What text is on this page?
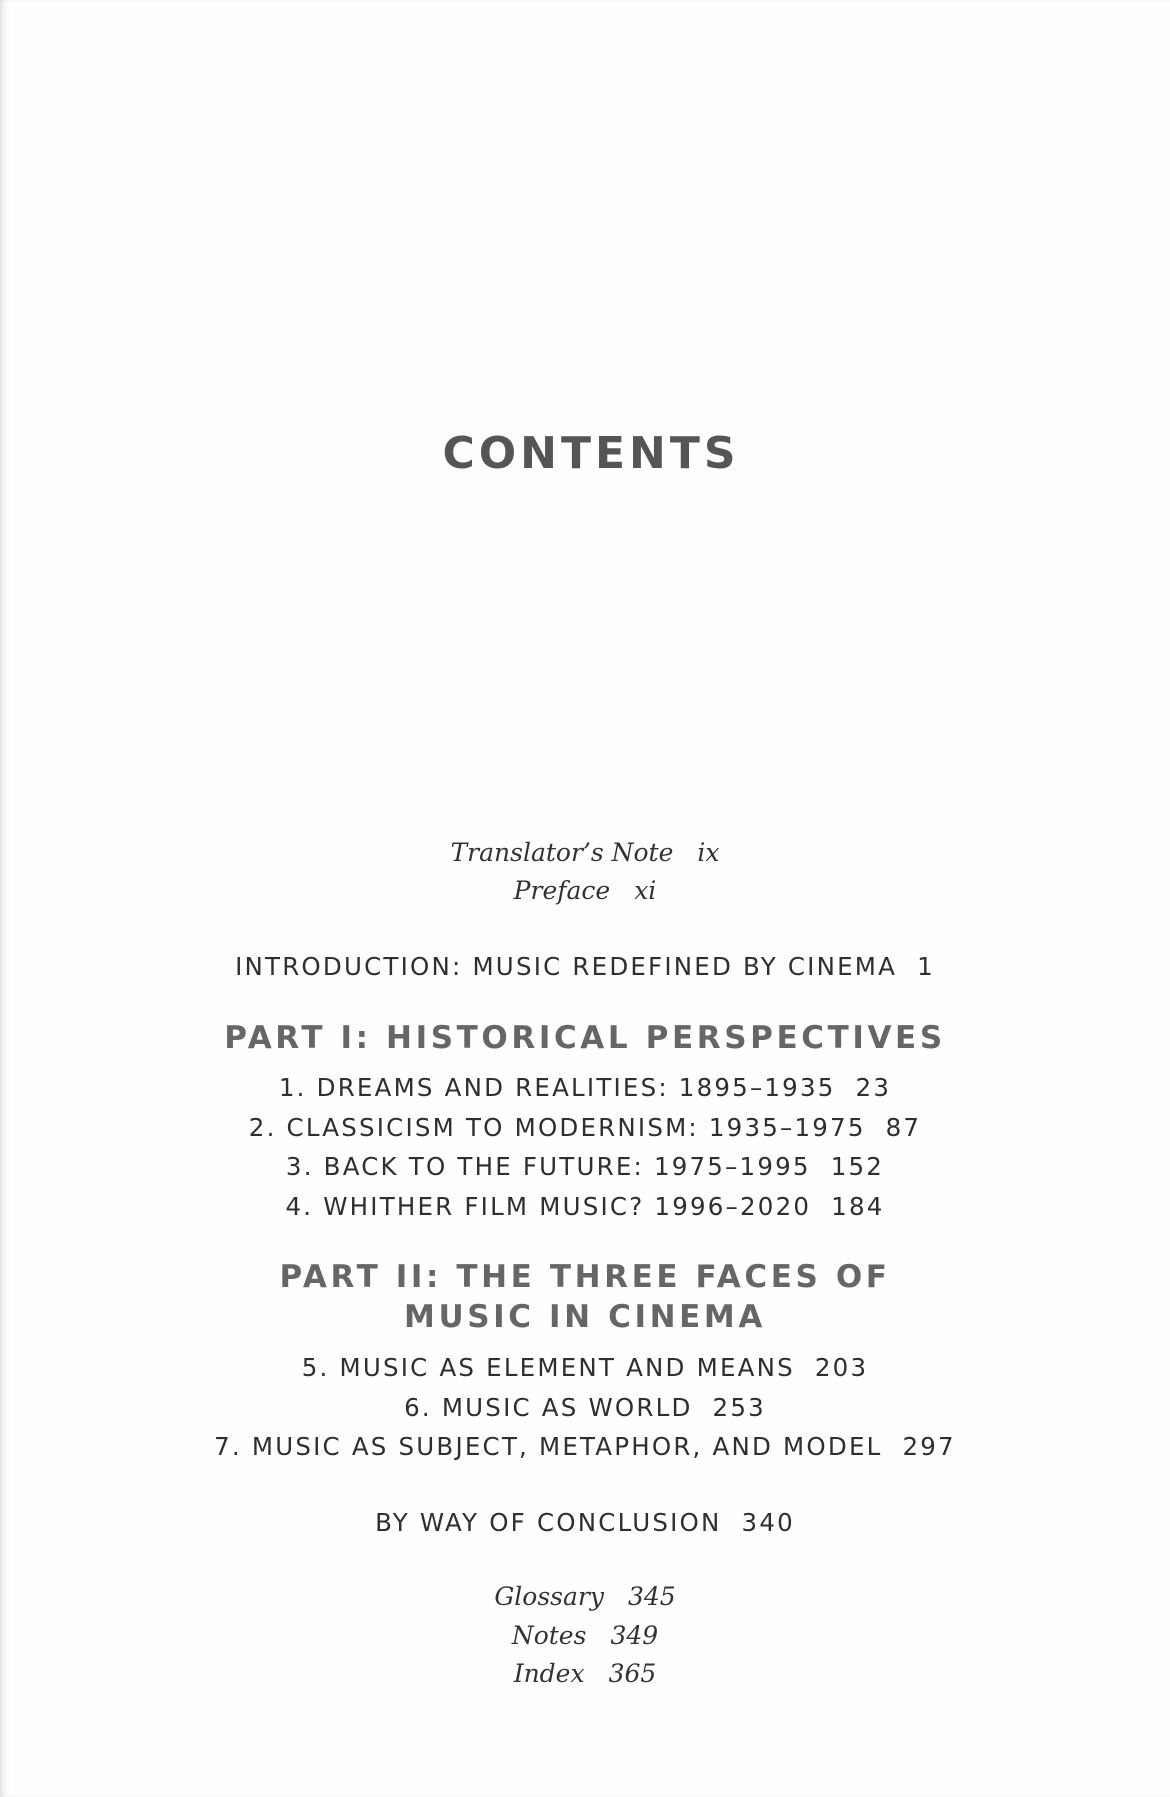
CONTENTS
Translator’s Note ix
Preface xi
INTRODUCTION: MUSIC REDEFINED BY CINEMA 1
PART I: HISTORICAL PERSPECTIVES
1. DREAMS AND REALITIES: 1895–1935 23
2. CLASSICISM TO MODERNISM: 1935–1975 87
3. BACK TO THE FUTURE: 1975–1995 152
4. WHITHER FILM MUSIC? 1996–2020 184
PART II: THE THREE FACES OF
MUSIC IN CINEMA
5. MUSIC AS ELEMENT AND MEANS 203
6. MUSIC AS WORLD 253
7. MUSIC AS SUBJECT, METAPHOR, AND MODEL 297
BY WAY OF CONCLUSION 340
Glossary 345
Notes 349
Index 365
